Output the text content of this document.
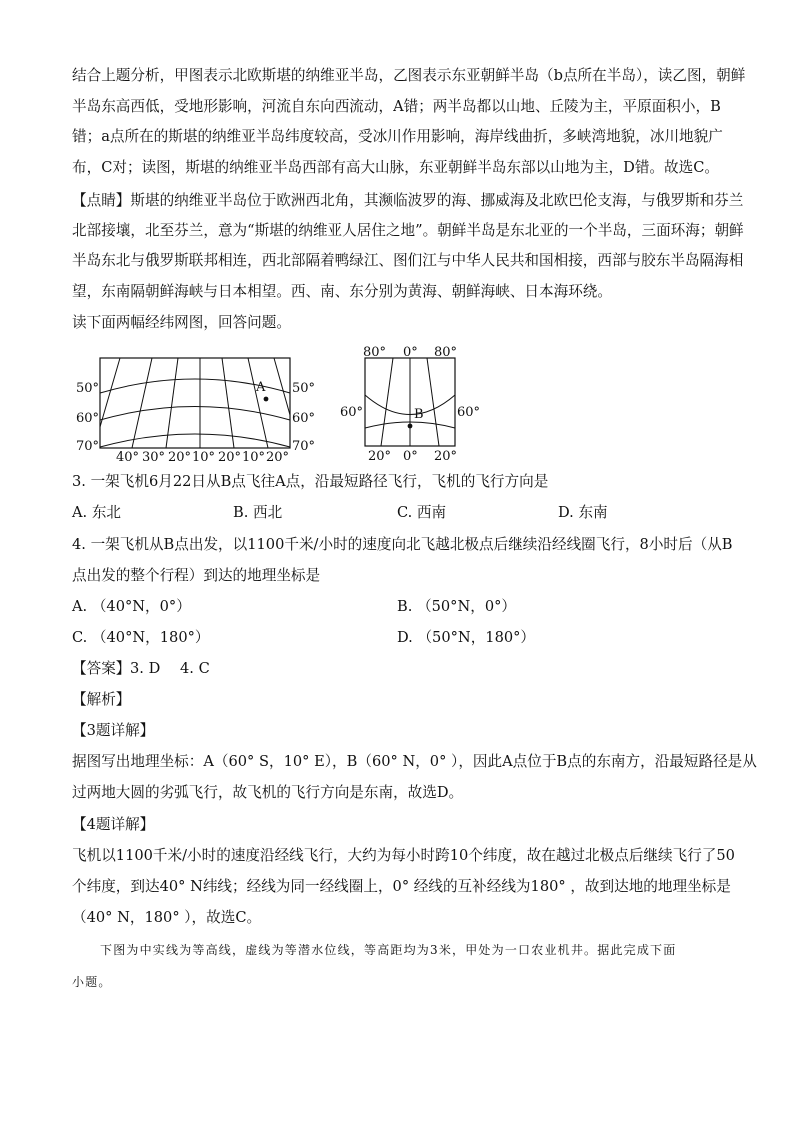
结合上题分析，甲图表示北欧斯堪的纳维亚半岛，乙图表示东亚朝鲜半岛（b点所在半岛），读乙图，朝鲜
半岛东高西低，受地形影响，河流自东向西流动，A错；两半岛都以山地、丘陵为主，平原面积小，B
错；a点所在的斯堪的纳维亚半岛纬度较高，受冰川作用影响，海岸线曲折，多峡湾地貌，冰川地貌广
布，C对；读图，斯堪的纳维亚半岛西部有高大山脉，东亚朝鲜半岛东部以山地为主，D错。故选C。
【点睛】斯堪的纳维亚半岛位于欧洲西北角，其濒临波罗的海、挪威海及北欧巴伦支海，与俄罗斯和芬兰
北部接壤，北至芬兰，意为“斯堪的纳维亚人居住之地”。朝鲜半岛是东北亚的一个半岛，三面环海；朝鲜
半岛东北与俄罗斯联邦相连，西北部隔着鸭绿江、图们江与中华人民共和国相接，西部与胶东半岛隔海相
望，东南隔朝鲜海峡与日本相望。西、南、东分别为黄海、朝鲜海峡、日本海环绕。
读下面两幅经纬网图，回答问题。
A
50°
60°
70°
50°
60°
70°
40° 30° 20° 10° 20° 10° 20°
B
80° 0° 80°
60°	60°
20° 0° 20°
3. 一架飞机6月22日从B点飞往A点，沿最短路径飞行，飞机的飞行方向是
A. 东北	B. 西北	C. 西南	D. 东南
4. 一架飞机从B点出发，以1100千米/小时的速度向北飞越北极点后继续沿经线圈飞行，8小时后（从B
点出发的整个行程）到达的地理坐标是
A. （40°N，0°）	B. （50°N，0°）
C. （40°N，180°）	D. （50°N，180°）
【答案】 3. D 4. C
【解析】
【3题详解】
据图写出地理坐标：A（60° S，10° E），B（60° N，0° ），因此A点位于B点的东南方，沿最短路径是从
过两地大圆的劣弧飞行，故飞机的飞行方向是东南，故选D。
【4题详解】
飞机以1100千米/小时的速度沿经线飞行，大约为每小时跨10个纬度，故在越过北极点后继续飞行了50
个纬度，到达40° N纬线；经线为同一经线圈上，0° 经线的互补经线为180° ，故到达地的地理坐标是
（40° N，180° ），故选C。
下图为中实线为等高线，虚线为等潜水位线，等高距均为3米，甲处为一口农业机井。据此完成下面
小题。
